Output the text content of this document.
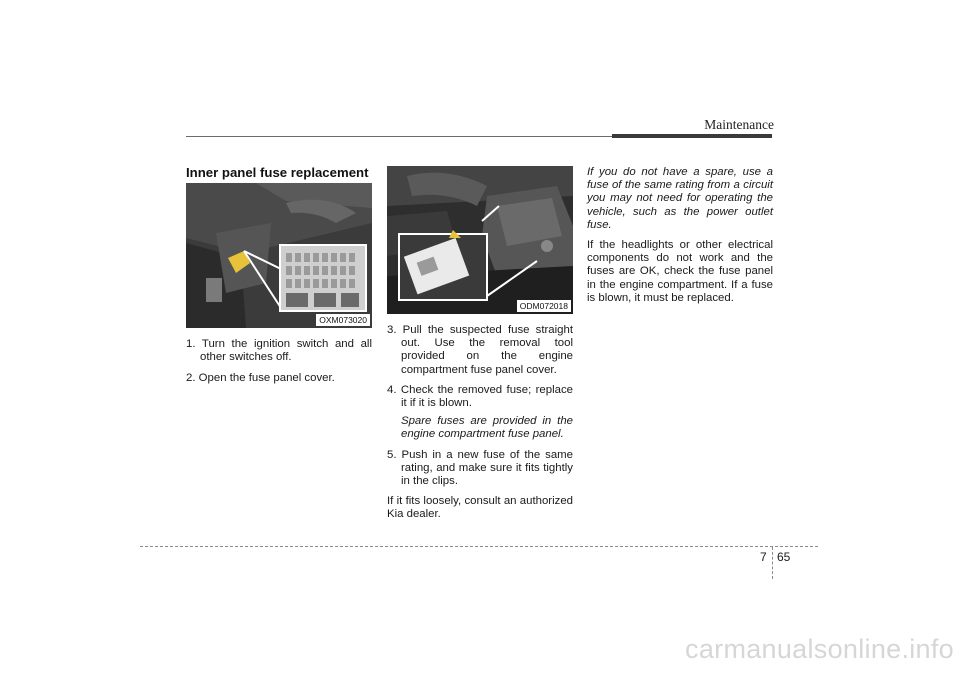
Maintenance
Inner panel fuse replacement
OXM073020
1. Turn the ignition switch and all other switches off.
2. Open the fuse panel cover.
ODM072018
3. Pull the suspected fuse straight out. Use the removal tool provided on the engine compartment fuse panel cover.
4. Check the removed fuse; replace it if it is blown.
Spare fuses are provided in the engine compartment fuse panel.
5. Push in a new fuse of the same rating, and make sure it fits tightly in the clips.

If it fits loosely, consult an authorized Kia dealer.

If you do not have a spare, use a fuse of the same rating from a circuit you may not need for operating the vehicle, such as the power outlet fuse.

If the headlights or other electrical components do not work and the fuses are OK, check the fuse panel in the engine compartment. If a fuse is blown, it must be replaced.

7 65
carmanualsonline.info
